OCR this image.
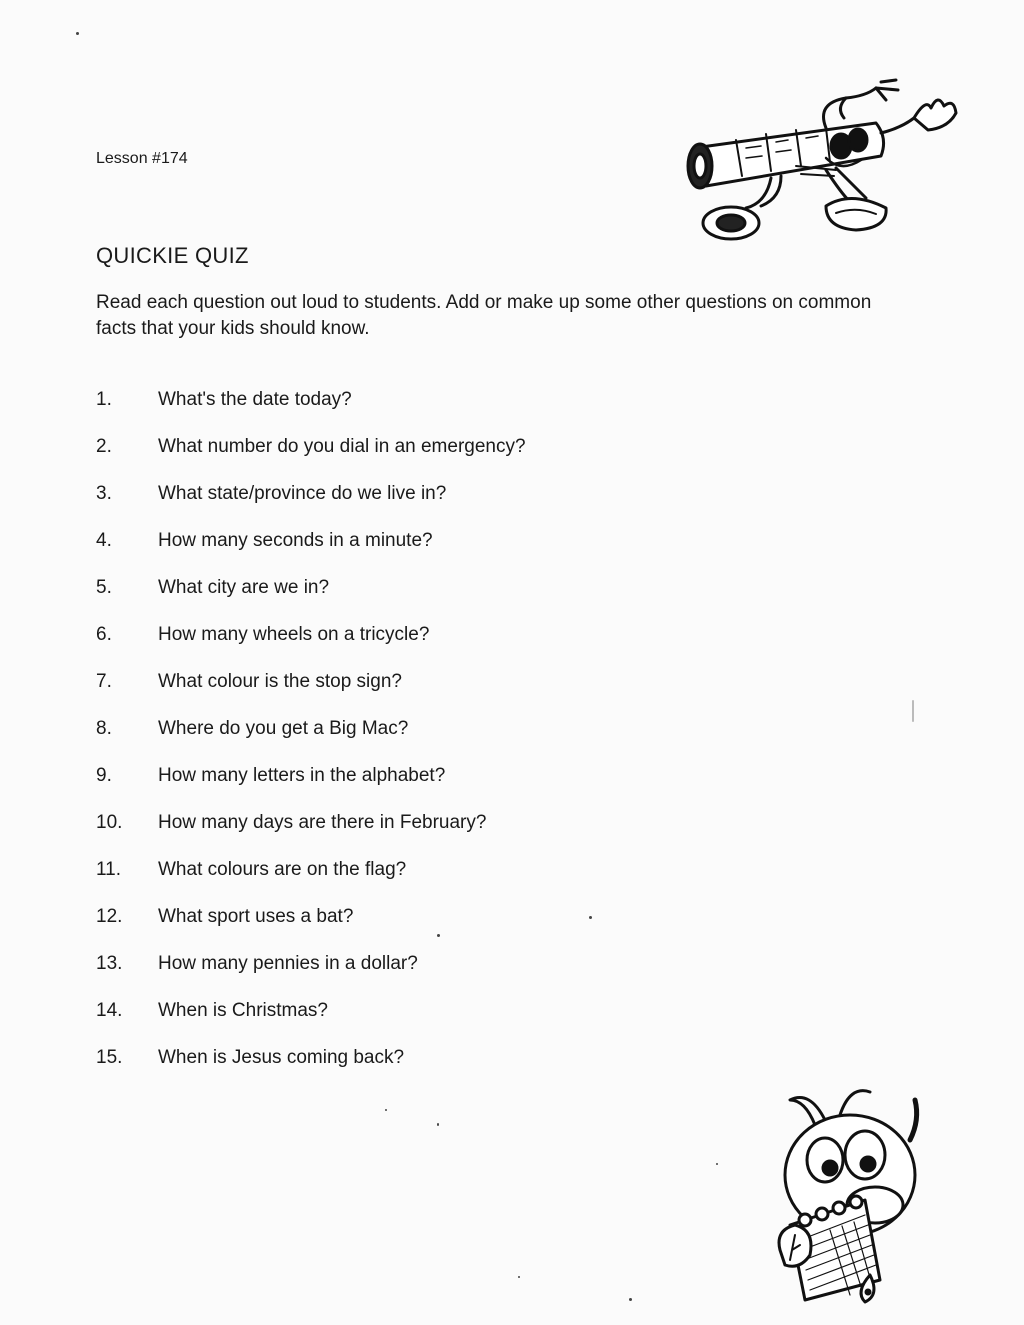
Lesson #174
QUICKIE QUIZ
Read each question out loud to students. Add or make up some other questions on common facts that your kids should know.
1.	What's the date today?
2.	What number do you dial in an emergency?
3.	What state/province do we live in?
4.	How many seconds in a minute?
5.	What city are we in?
6.	How many wheels on a tricycle?
7.	What colour is the stop sign?
8.	Where do you get a Big Mac?
9.	How many letters in the alphabet?
10.	How many days are there in February?
11.	What colours are on the flag?
12.	What sport uses a bat?
13.	How many pennies in a dollar?
14.	When is Christmas?
15.	When is Jesus coming back?
